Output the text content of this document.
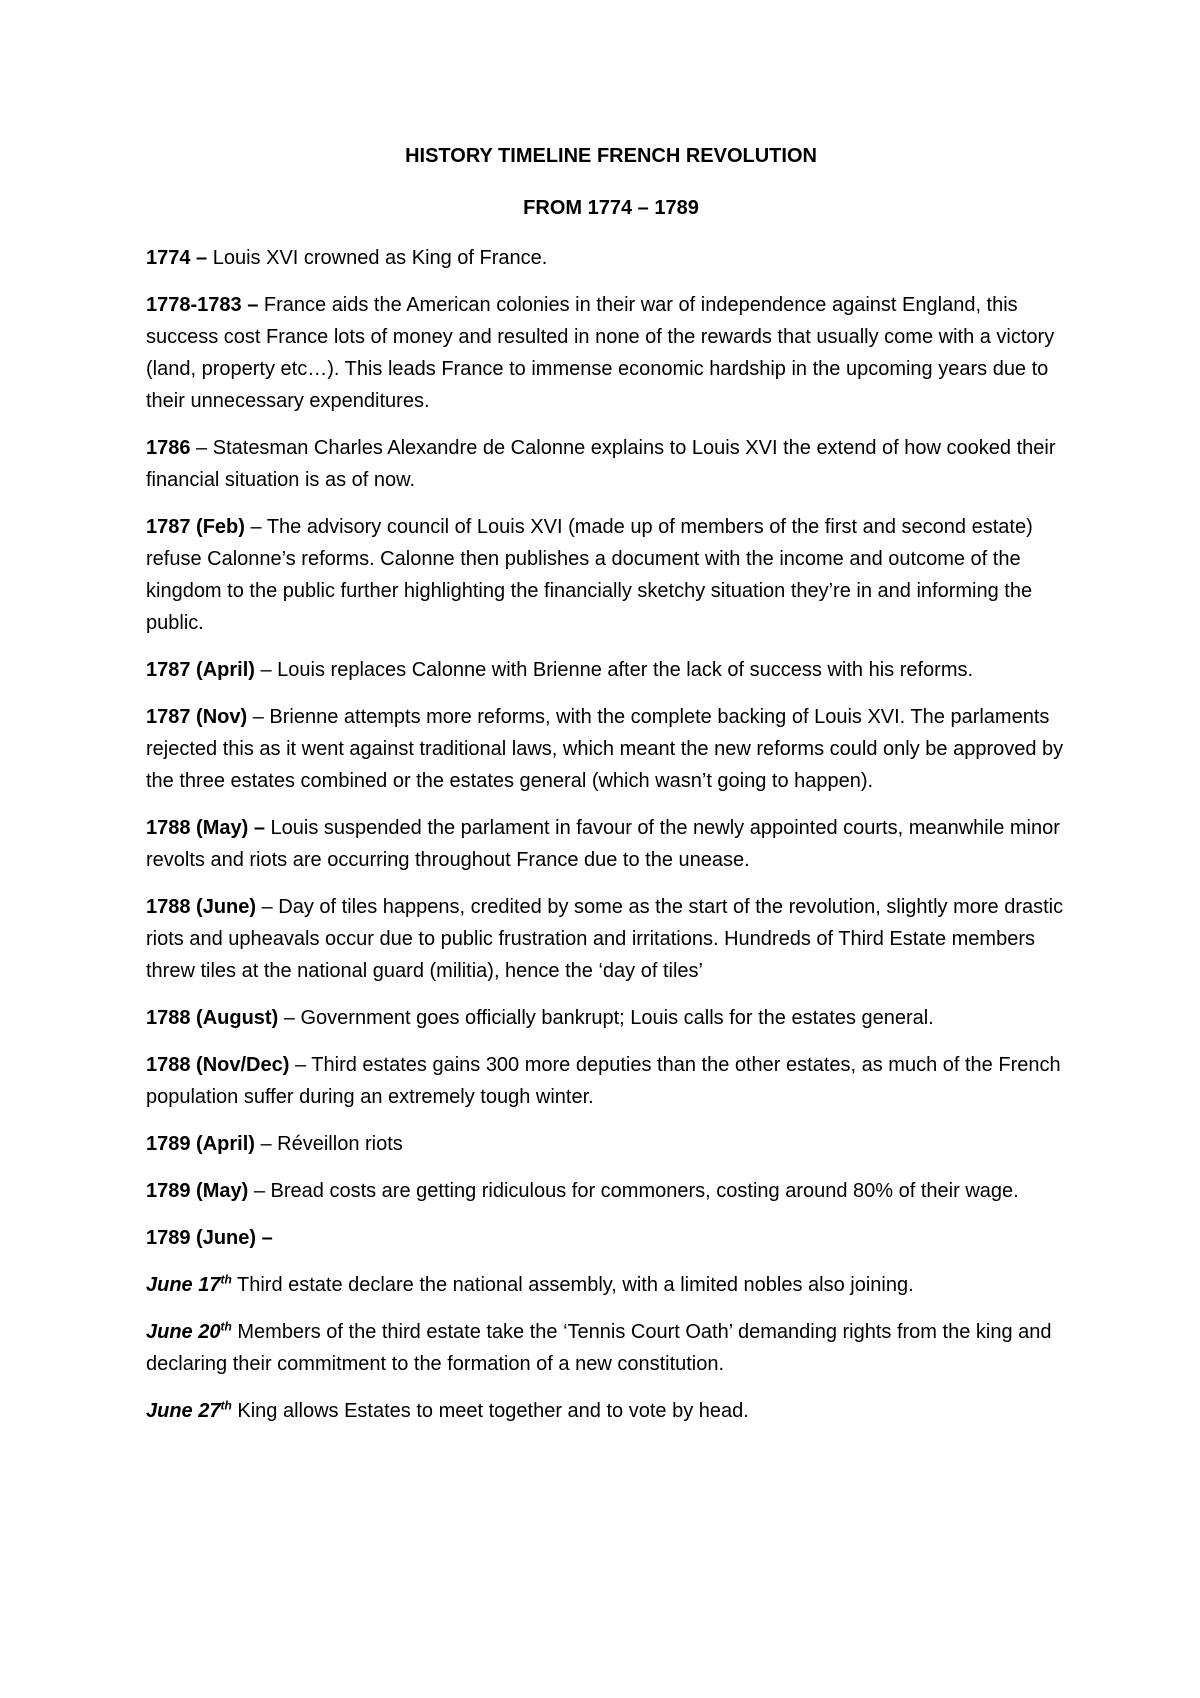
HISTORY TIMELINE FRENCH REVOLUTION

FROM 1774 – 1789

1774 – Louis XVI crowned as King of France.

1778-1783 – France aids the American colonies in their war of independence against England, this success cost France lots of money and resulted in none of the rewards that usually come with a victory (land, property etc…). This leads France to immense economic hardship in the upcoming years due to their unnecessary expenditures.

1786 – Statesman Charles Alexandre de Calonne explains to Louis XVI the extend of how cooked their financial situation is as of now.

1787 (Feb) – The advisory council of Louis XVI (made up of members of the first and second estate) refuse Calonne’s reforms. Calonne then publishes a document with the income and outcome of the kingdom to the public further highlighting the financially sketchy situation they’re in and informing the public.

1787 (April) – Louis replaces Calonne with Brienne after the lack of success with his reforms.

1787 (Nov) – Brienne attempts more reforms, with the complete backing of Louis XVI. The parlaments rejected this as it went against traditional laws, which meant the new reforms could only be approved by the three estates combined or the estates general (which wasn’t going to happen).

1788 (May) – Louis suspended the parlament in favour of the newly appointed courts, meanwhile minor revolts and riots are occurring throughout France due to the unease.

1788 (June) – Day of tiles happens, credited by some as the start of the revolution, slightly more drastic riots and upheavals occur due to public frustration and irritations. Hundreds of Third Estate members threw tiles at the national guard (militia), hence the ‘day of tiles’

1788 (August) – Government goes officially bankrupt; Louis calls for the estates general.

1788 (Nov/Dec) – Third estates gains 300 more deputies than the other estates, as much of the French population suffer during an extremely tough winter.

1789 (April) – Réveillon riots

1789 (May) – Bread costs are getting ridiculous for commoners, costing around 80% of their wage.

1789 (June) –

June 17th Third estate declare the national assembly, with a limited nobles also joining.

June 20th Members of the third estate take the ‘Tennis Court Oath’ demanding rights from the king and declaring their commitment to the formation of a new constitution.

June 27th King allows Estates to meet together and to vote by head.
